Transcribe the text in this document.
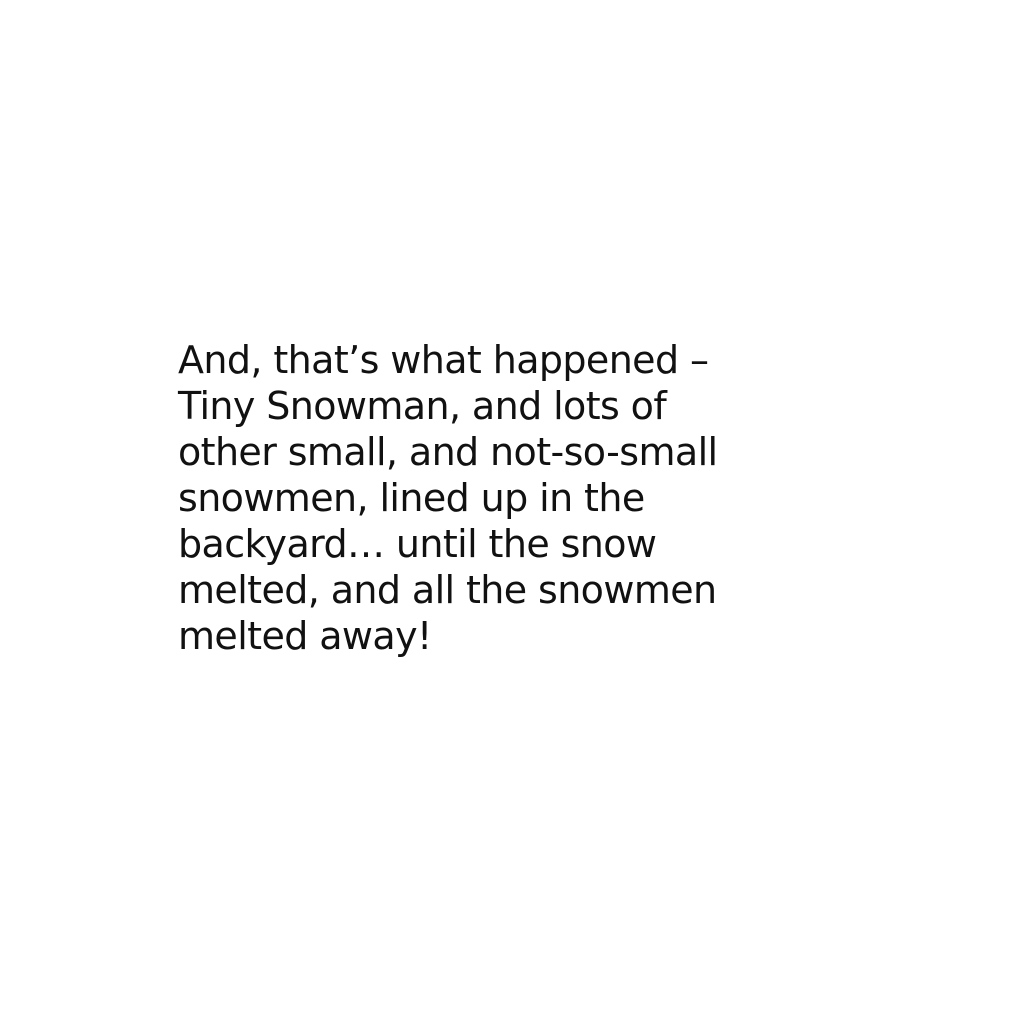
And, that’s what happened –
Tiny Snowman, and lots of
other small, and not-so-small
snowmen, lined up in the
backyard… until the snow
melted, and all the snowmen
melted away!
